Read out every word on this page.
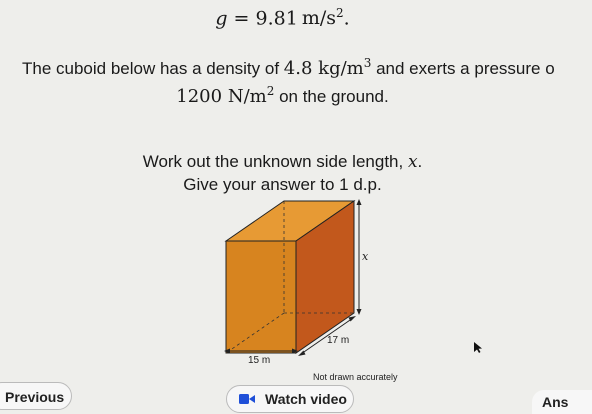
g = 9.81 $m/s^2$.
The cuboid below has a density of 4.8 $kg/m^3$ and exerts a pressure o
1200 $N/m^2$ on the ground.
Work out the unknown side length, x.
Give your answer to 1 d.p.
x
17 m
15 m
Not drawn accurately
Previous	Watch video	Ans
